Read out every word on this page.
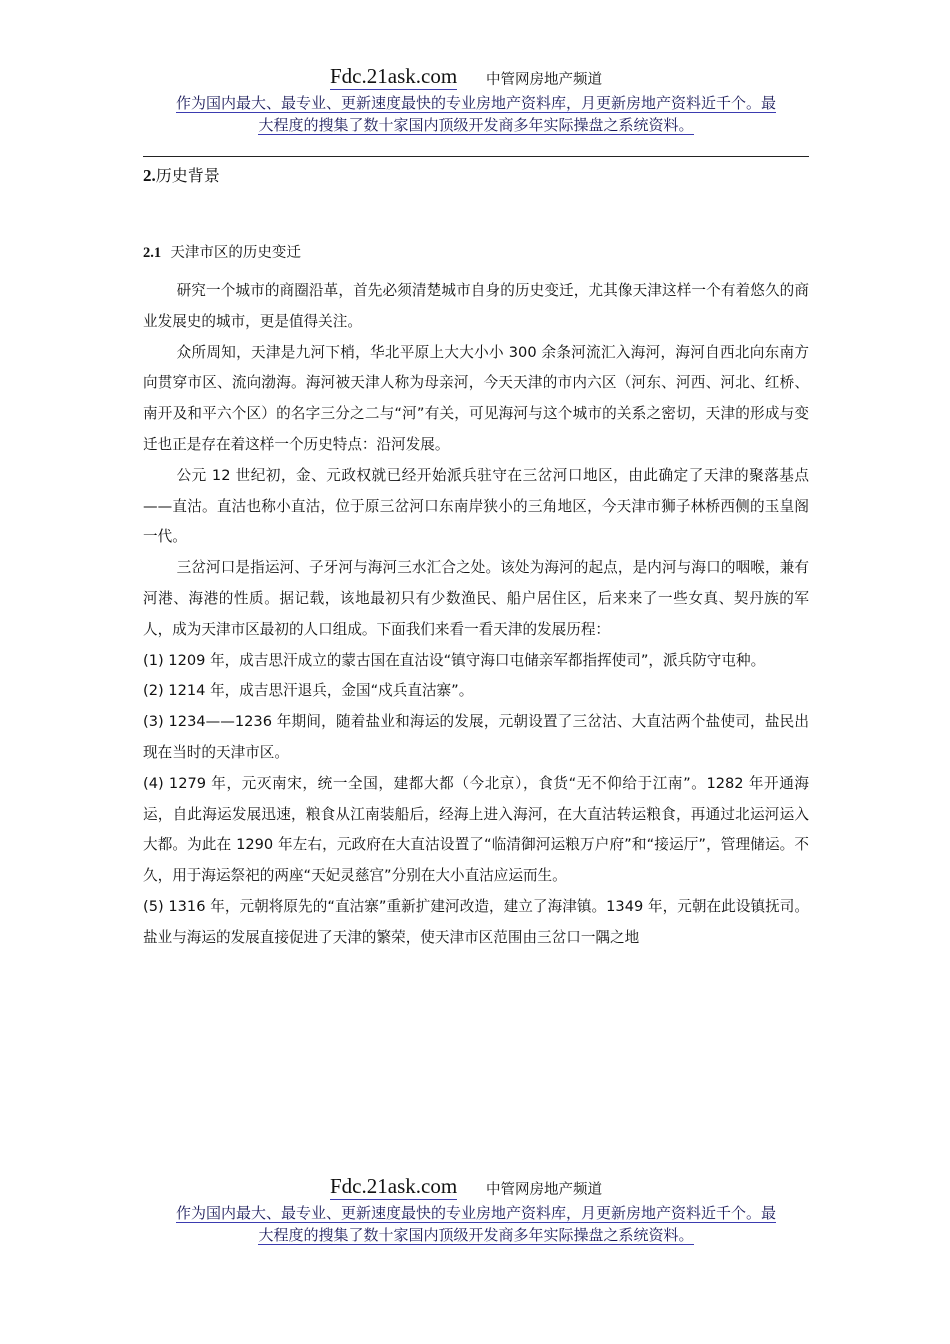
Fdc.21ask.com 中管网房地产频道
作为国内最大、最专业、更新速度最快的专业房地产资料库，月更新房地产资料近千个。最
大程度的搜集了数十家国内顶级开发商多年实际操盘之系统资料。
2.历史背景
2.1 天津市区的历史变迁

研究一个城市的商圈沿革，首先必须清楚城市自身的历史变迁，尤其像天津这样一个有着悠久的商业发展史的城市，更是值得关注。

众所周知，天津是九河下梢，华北平原上大大小小 300 余条河流汇入海河，海河自西北向东南方向贯穿市区、流向渤海。海河被天津人称为母亲河，今天天津的市内六区（河东、河西、河北、红桥、南开及和平六个区）的名字三分之二与“河”有关，可见海河与这个城市的关系之密切，天津的形成与变迁也正是存在着这样一个历史特点：沿河发展。

公元 12 世纪初，金、元政权就已经开始派兵驻守在三岔河口地区，由此确定了天津的聚落基点——直沽。直沽也称小直沽，位于原三岔河口东南岸狭小的三角地区，今天津市狮子林桥西侧的玉皇阁一代。

三岔河口是指运河、子牙河与海河三水汇合之处。该处为海河的起点，是内河与海口的咽喉，兼有河港、海港的性质。据记载，该地最初只有少数渔民、船户居住区，后来来了一些女真、契丹族的军人，成为天津市区最初的人口组成。下面我们来看一看天津的发展历程：

(1) 1209 年，成吉思汗成立的蒙古国在直沽设“镇守海口屯储亲军都指挥使司”，派兵防守屯种。

(2) 1214 年，成吉思汗退兵，金国“戍兵直沽寨”。

(3) 1234——1236 年期间，随着盐业和海运的发展，元朝设置了三岔沽、大直沽两个盐使司，盐民出现在当时的天津市区。

(4) 1279 年，元灭南宋，统一全国，建都大都（今北京），食货“无不仰给于江南”。1282 年开通海运，自此海运发展迅速，粮食从江南装船后，经海上进入海河，在大直沽转运粮食，再通过北运河运入大都。为此在 1290 年左右，元政府在大直沽设置了“临清御河运粮万户府”和“接运厅”，管理储运。不久，用于海运祭祀的两座“天妃灵慈宫”分别在大小直沽应运而生。

(5) 1316 年，元朝将原先的“直沽寨”重新扩建河改造，建立了海津镇。1349 年，元朝在此设镇抚司。盐业与海运的发展直接促进了天津的繁荣，使天津市区范围由三岔口一隅之地

Fdc.21ask.com 中管网房地产频道
作为国内最大、最专业、更新速度最快的专业房地产资料库，月更新房地产资料近千个。最
大程度的搜集了数十家国内顶级开发商多年实际操盘之系统资料。
